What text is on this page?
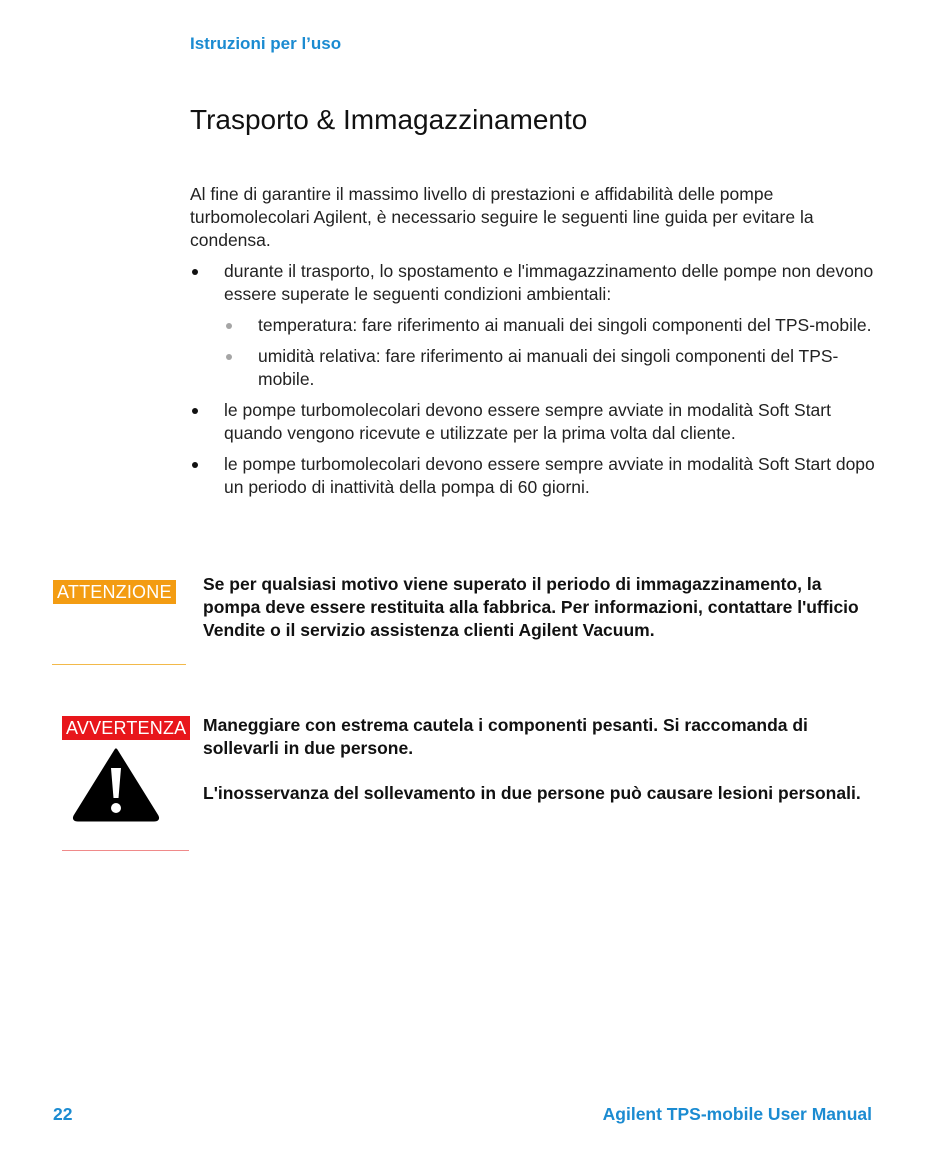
Istruzioni per l’uso
Trasporto & Immagazzinamento

Al fine di garantire il massimo livello di prestazioni e affidabilità delle pompe turbomolecolari Agilent, è necessario seguire le seguenti line guida per evitare la condensa.

durante il trasporto, lo spostamento e l'immagazzinamento delle pompe non devono essere superate le seguenti condizioni ambientali:
temperatura: fare riferimento ai manuali dei singoli componenti del TPS-mobile.
umidità relativa: fare riferimento ai manuali dei singoli componenti del TPS-mobile.
le pompe turbomolecolari devono essere sempre avviate in modalità Soft Start quando vengono ricevute e utilizzate per la prima volta dal cliente.
le pompe turbomolecolari devono essere sempre avviate in modalità Soft Start dopo un periodo di inattività della pompa di 60 giorni.
ATTENZIONE Se per qualsiasi motivo viene superato il periodo di immagazzinamento, la pompa deve essere restituita alla fabbrica. Per informazioni, contattare l'ufficio Vendite o il servizio assistenza clienti Agilent Vacuum.

AVVERTENZA Maneggiare con estrema cautela i componenti pesanti. Si raccomanda di sollevarli in due persone.

L'inosservanza del sollevamento in due persone può causare lesioni personali.

22	Agilent TPS-mobile User Manual
